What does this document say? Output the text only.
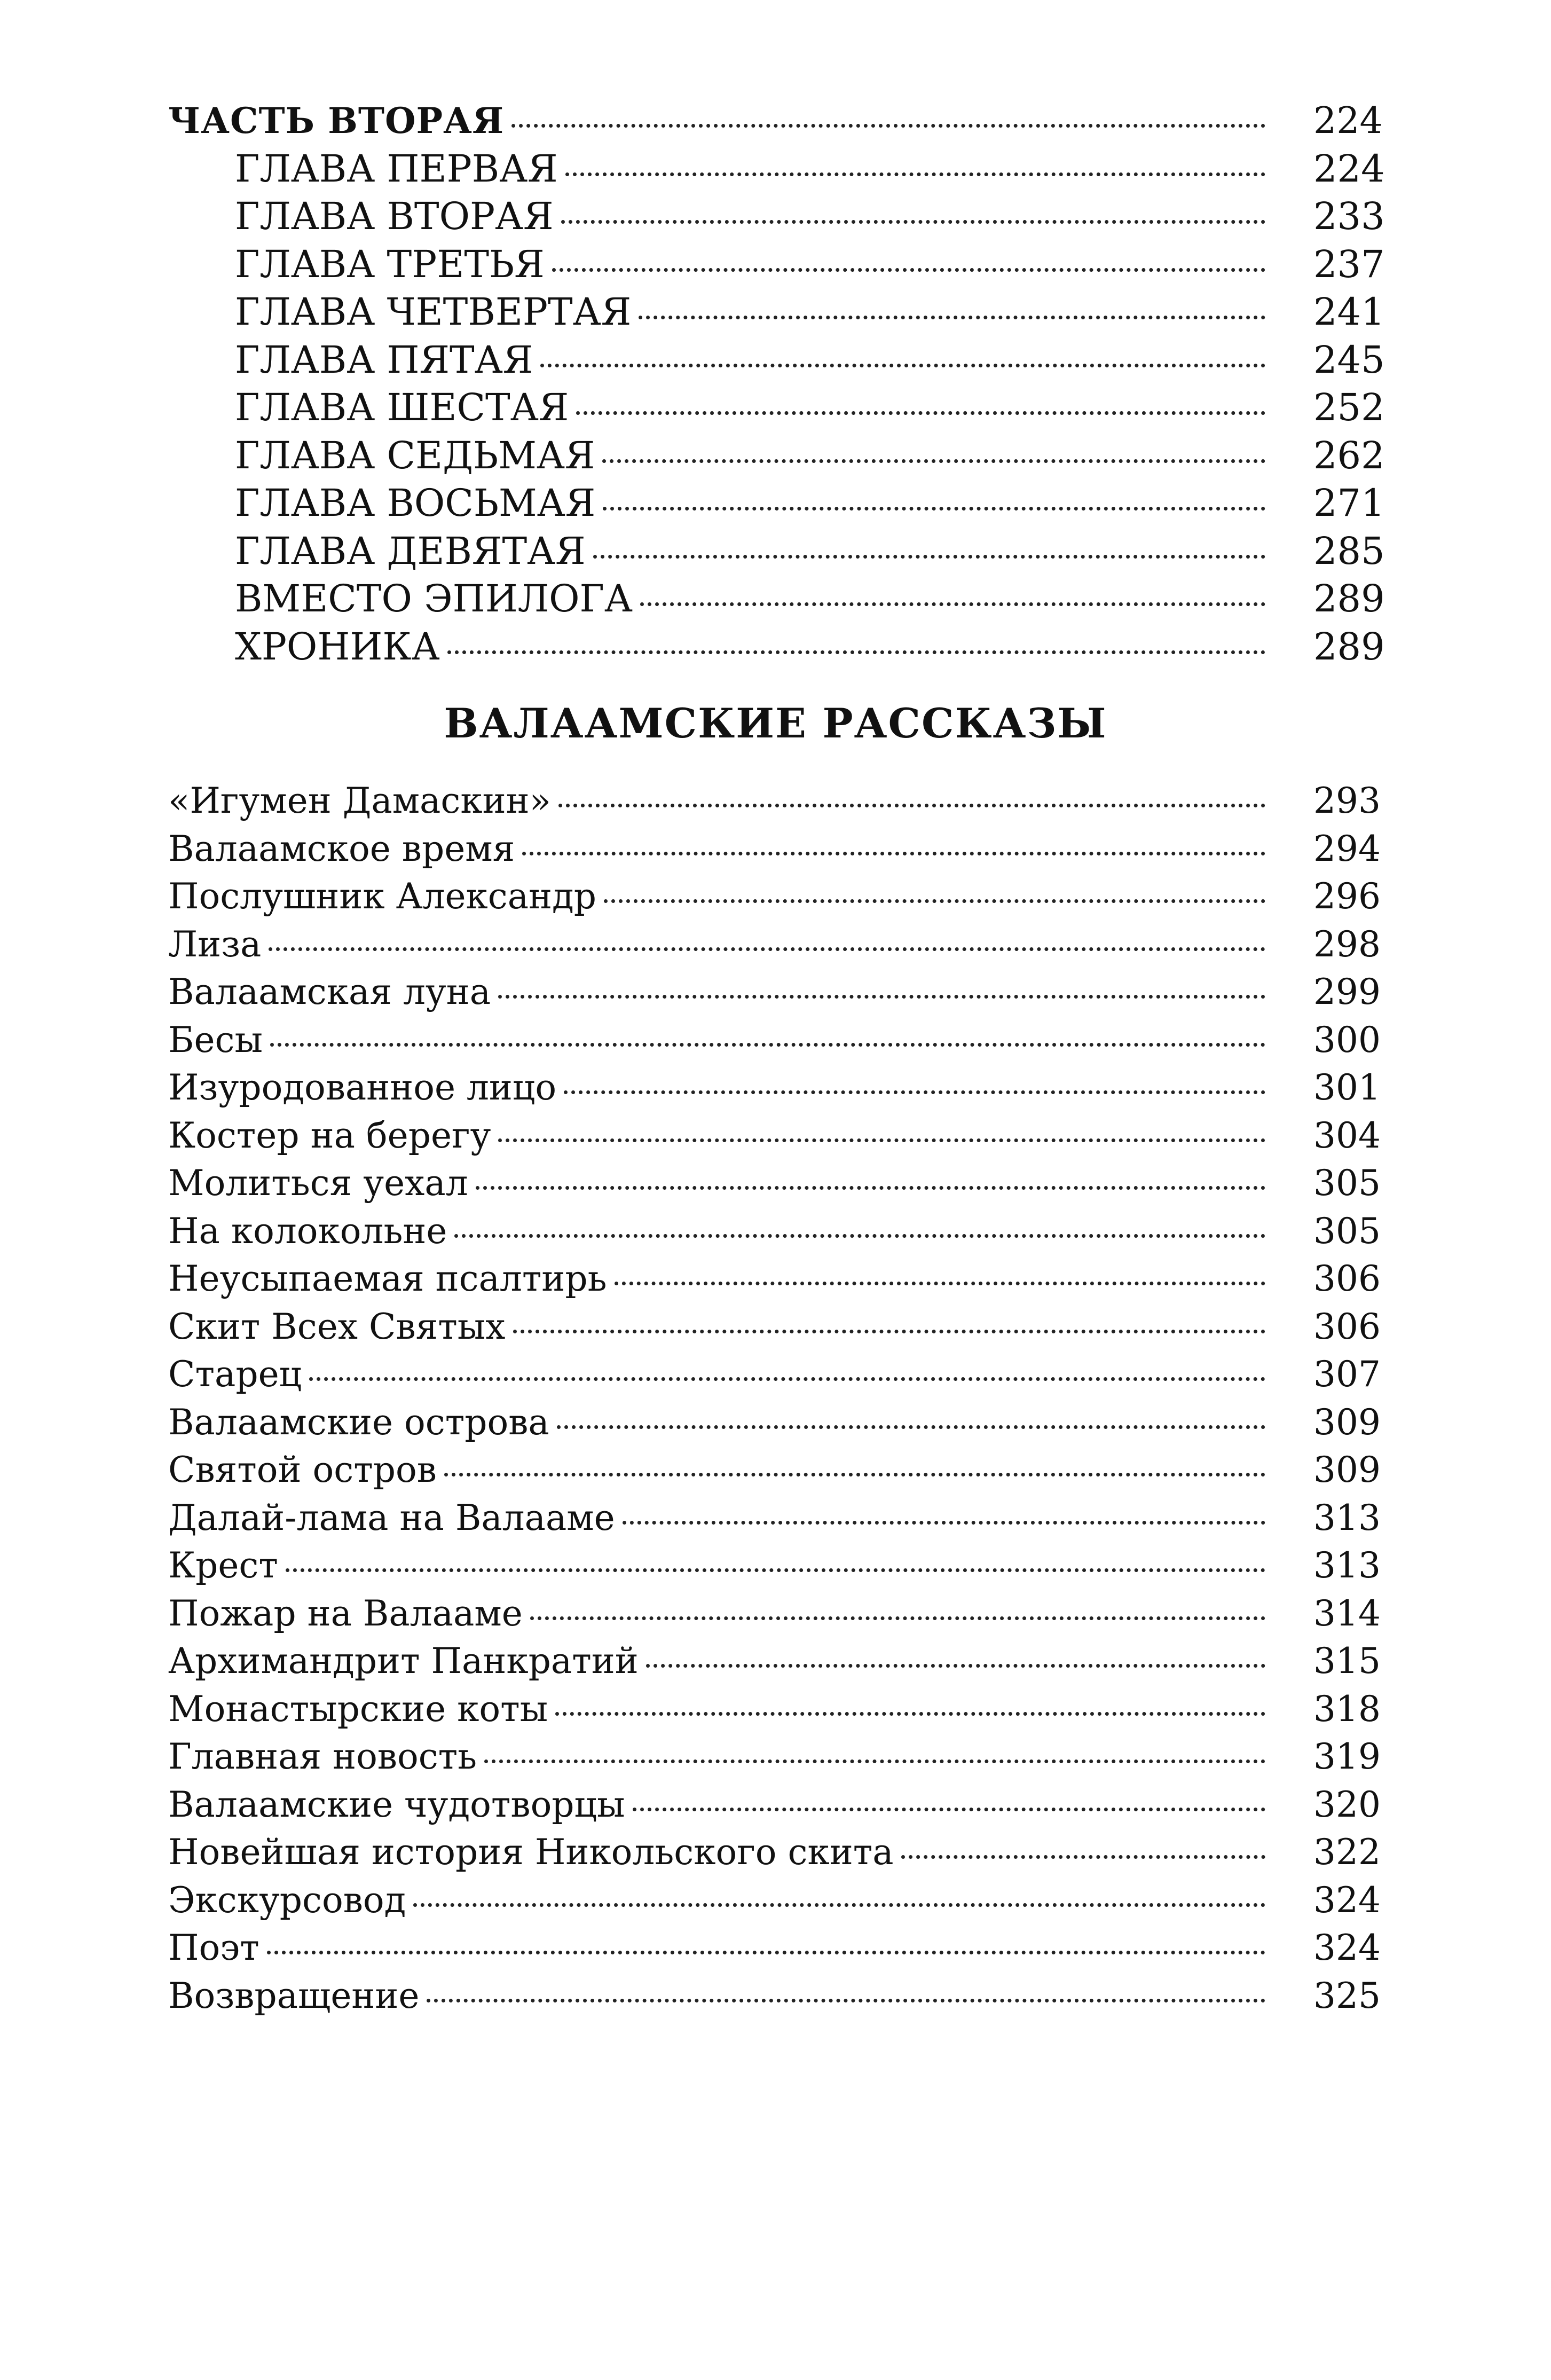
ЧАСТЬ ВТОРАЯ	224
ГЛАВА ПЕРВАЯ	224
ГЛАВА ВТОРАЯ	233
ГЛАВА ТРЕТЬЯ	237
ГЛАВА ЧЕТВЕРТАЯ	241
ГЛАВА ПЯТАЯ	245
ГЛАВА ШЕСТАЯ	252
ГЛАВА СЕДЬМАЯ	262
ГЛАВА ВОСЬМАЯ	271
ГЛАВА ДЕВЯТАЯ	285
ВМЕСТО ЭПИЛОГА	289
ХРОНИКА	289
ВАЛААМСКИЕ РАССКАЗЫ
«Игумен Дамаскин»	293
Валаамское время	294
Послушник Александр	296
Лиза	298
Валаамская луна	299
Бесы	300
Изуродованное лицо	301
Костер на берегу	304
Молиться уехал	305
На колокольне	305
Неусыпаемая псалтирь	306
Скит Всех Святых	306
Старец	307
Валаамские острова	309
Святой остров	309
Далай-лама на Валааме	313
Крест	313
Пожар на Валааме	314
Архимандрит Панкратий	315
Монастырские коты	318
Главная новость	319
Валаамские чудотворцы	320
Новейшая история Никольского скита	322
Экскурсовод	324
Поэт	324
Возвращение	325
